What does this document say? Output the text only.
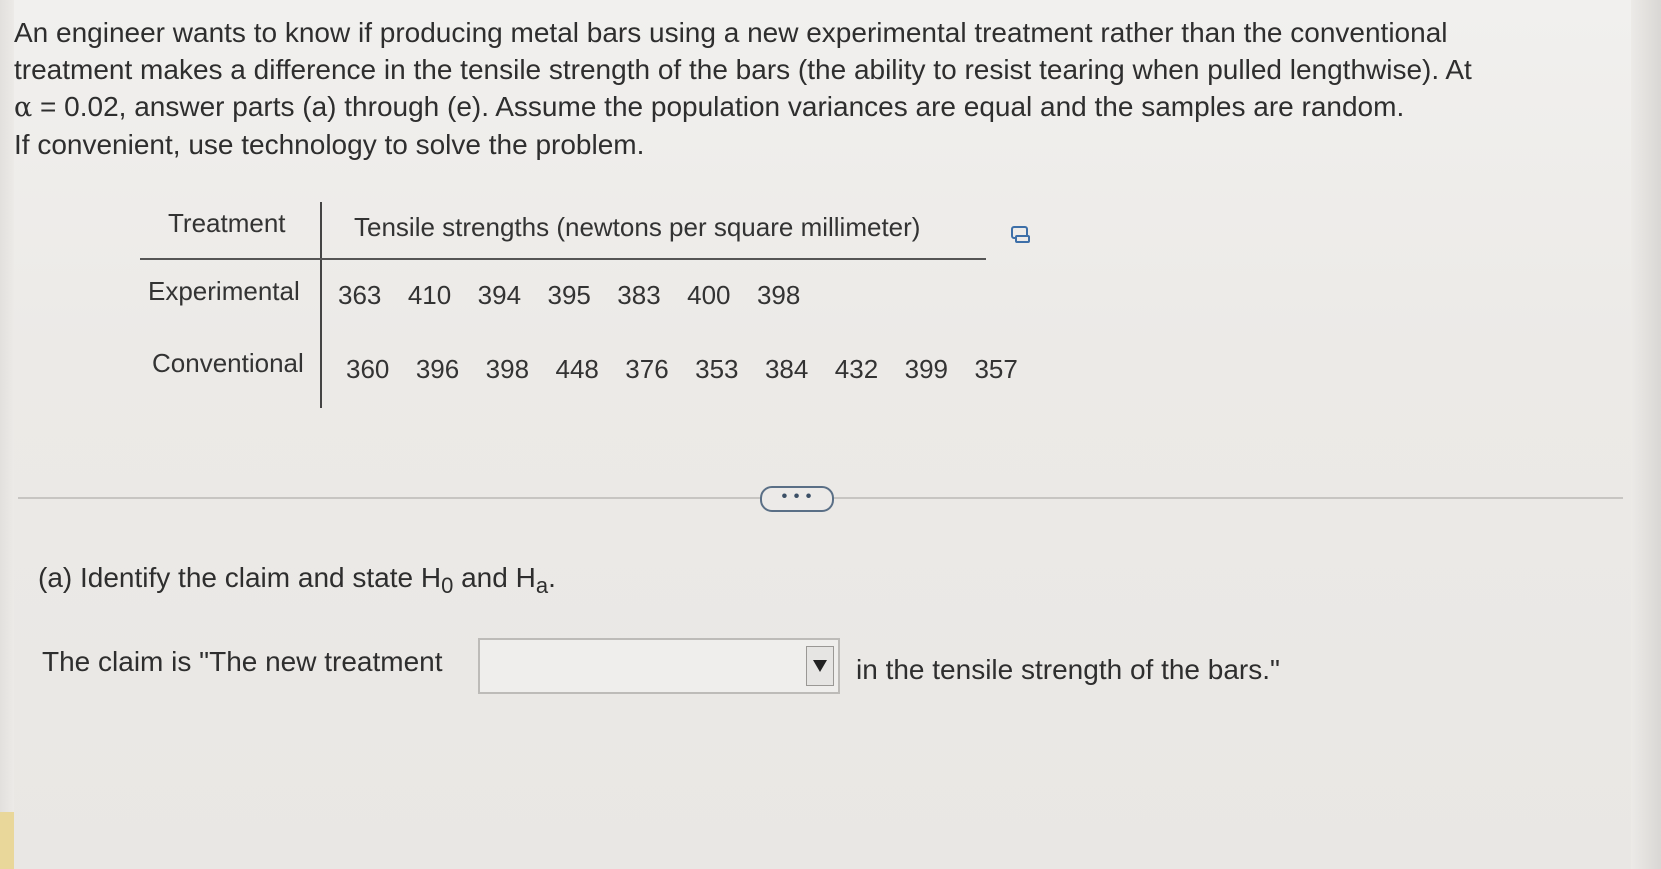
An engineer wants to know if producing metal bars using a new experimental treatment rather than the conventional

treatment makes a difference in the tensile strength of the bars (the ability to resist tearing when pulled lengthwise). At

α = 0.02, answer parts (a) through (e). Assume the population variances are equal and the samples are random.

If convenient, use technology to solve the problem.

Treatment	Tensile strengths (newtons per square millimeter)
Experimental 363  410  394  395  383  400  398
Conventional 360  396  398  448  376  353  384  432  399  357
• • •
(a) Identify the claim and state $H_0$ and $H_a$.
The claim is "The new treatment	in the tensile strength of the bars."
